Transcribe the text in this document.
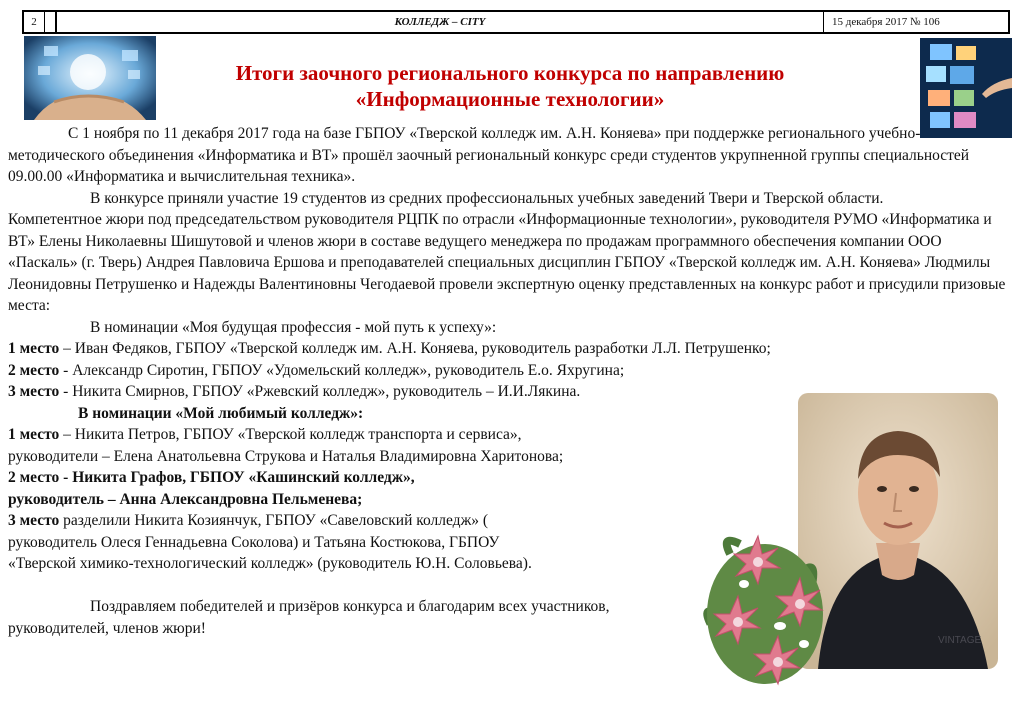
2	КОЛЛЕДЖ – CITY	15 декабря 2017 № 106
Итоги заочного регионального конкурса по направлению
«Информационные технологии»

С 1 ноября по 11 декабря 2017 года на базе ГБПОУ «Тверской колледж им. А.Н. Коняева» при поддержке регионального учебно-методического объединения «Информатика и ВТ» прошёл заочный региональный конкурс среди студентов укрупненной группы специальностей 09.00.00 «Информатика и вычислительная техника».

В конкурсе приняли участие 19 студентов из средних профессиональных учебных заведений Твери и Тверской области.

Компетентное жюри под председательством руководителя РЦПК по отрасли «Информационные технологии», руководителя РУМО «Информатика и ВТ» Елены Николаевны Шишутовой и членов жюри в составе ведущего менеджера по продажам программного обеспечения компании ООО «Паскаль» (г. Тверь) Андрея Павловича Ершова и преподавателей специальных дисциплин ГБПОУ «Тверской колледж им. А.Н. Коняева» Людмилы Леонидовны Петрушенко и Надежды Валентиновны Чегодаевой провели экспертную оценку представленных на конкурс работ и присудили призовые места:

В номинации «Моя будущая профессия - мой путь к успеху»:

1 место – Иван Федяков, ГБПОУ «Тверской колледж им. А.Н. Коняева, руководитель разработки Л.Л. Петрушенко;

2 место - Александр Сиротин, ГБПОУ «Удомельский колледж», руководитель Е.о. Яхругина;

3 место - Никита Смирнов, ГБПОУ «Ржевский колледж», руководитель – И.И.Лякина.

В номинации «Мой любимый колледж»:

1 место – Никита Петров, ГБПОУ «Тверской колледж транспорта и сервиса»,

руководители – Елена Анатольевна Струкова и Наталья Владимировна Харитонова;

2 место - Никита Графов, ГБПОУ «Кашинский колледж»,

руководитель – Анна Александровна Пельменева;

3 место разделили Никита Козиянчук, ГБПОУ «Савеловский колледж» (

руководитель Олеся Геннадьевна Соколова) и Татьяна Костюкова, ГБПОУ

«Тверской химико-технологический колледж» (руководитель Ю.Н. Соловьева).

Поздравляем победителей и призёров конкурса и благодарим всех участников,

руководителей, членов жюри!

VINTAGE
